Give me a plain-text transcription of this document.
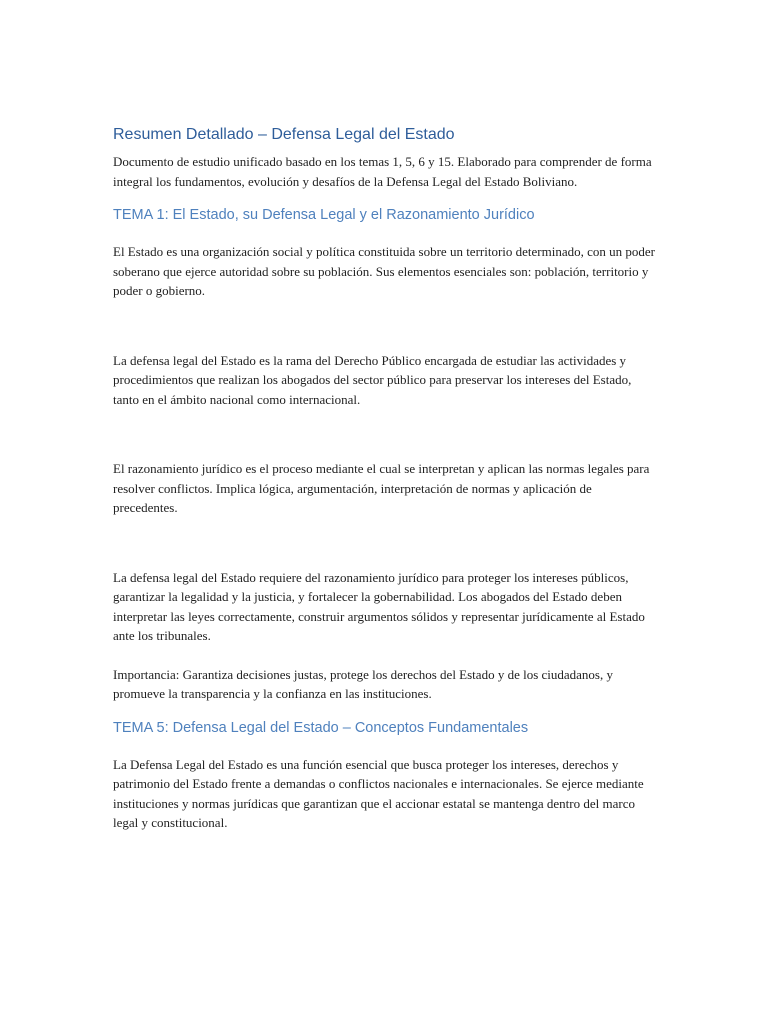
Resumen Detallado – Defensa Legal del Estado

Documento de estudio unificado basado en los temas 1, 5, 6 y 15. Elaborado para comprender de forma integral los fundamentos, evolución y desafíos de la Defensa Legal del Estado Boliviano.

TEMA 1: El Estado, su Defensa Legal y el Razonamiento Jurídico

El Estado es una organización social y política constituida sobre un territorio determinado, con un poder soberano que ejerce autoridad sobre su población. Sus elementos esenciales son: población, territorio y poder o gobierno.

La defensa legal del Estado es la rama del Derecho Público encargada de estudiar las actividades y procedimientos que realizan los abogados del sector público para preservar los intereses del Estado, tanto en el ámbito nacional como internacional.

El razonamiento jurídico es el proceso mediante el cual se interpretan y aplican las normas legales para resolver conflictos. Implica lógica, argumentación, interpretación de normas y aplicación de precedentes.

La defensa legal del Estado requiere del razonamiento jurídico para proteger los intereses públicos, garantizar la legalidad y la justicia, y fortalecer la gobernabilidad. Los abogados del Estado deben interpretar las leyes correctamente, construir argumentos sólidos y representar jurídicamente al Estado ante los tribunales.

Importancia: Garantiza decisiones justas, protege los derechos del Estado y de los ciudadanos, y promueve la transparencia y la confianza en las instituciones.

TEMA 5: Defensa Legal del Estado – Conceptos Fundamentales

La Defensa Legal del Estado es una función esencial que busca proteger los intereses, derechos y patrimonio del Estado frente a demandas o conflictos nacionales e internacionales. Se ejerce mediante instituciones y normas jurídicas que garantizan que el accionar estatal se mantenga dentro del marco legal y constitucional.
